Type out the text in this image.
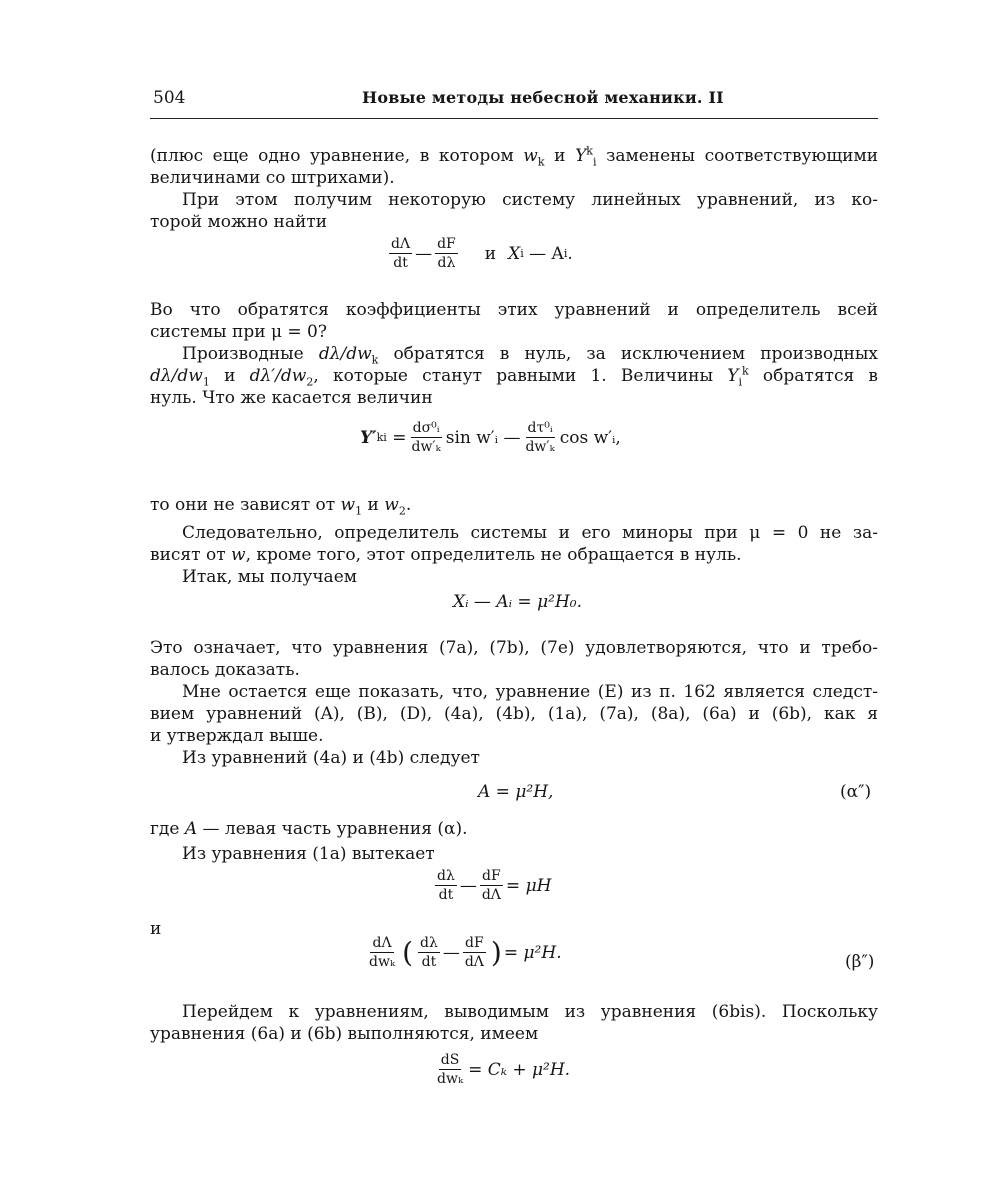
504	Новые методы небесной механики. II
(плюс еще одно уравнение, в котором $w_k$ и $Y^k_i$ заменены соответствующими
величинами со штрихами).
При этом получим некоторую систему линейных уравнений, из ко-
торой можно найти
$\frac{d\Lambda}{dt}$ — $\frac{dF}{d\lambda}$ и X i
— A i .
Во что обратятся коэффициенты этих уравнений и определитель всей
системы при μ = 0?
Производные $d\lambda/dw_k$ обратятся в нуль, за исключением производных
$d\lambda/dw_1$ и $d\lambda'/dw_2$, которые станут равными 1. Величины $Y_i^k$ обратятся в
нуль. Что же касается величин
Y′ k $i = \frac{\text{dσ⁰ᵢ}}{\text{dw′ₖ}}$ sin w′ᵢ — $\frac{\text{dτ⁰ᵢ}}{\text{dw′ₖ}}$ cos w′ᵢ,
то они не зависят от $w_1$ и $w_2$.
Следовательно, определитель системы и его миноры при μ = 0 не за-
висят от w, кроме того, этот определитель не обращается в нуль.
Итак, мы получаем
Xᵢ — Aᵢ = μ²H₀.
Это означает, что уравнения (7a), (7b), (7e) удовлетворяются, что и требо-
валось доказать.
Мне остается еще показать, что, уравнение (E) из п. 162 является следст-
вием уравнений (A), (B), (D), (4a), (4b), (1a), (7a), (8a), (6a) и (6b), как я
и утверждал выше.
Из уравнений (4a) и (4b) следует
A = μ²H,	(α″)
где A — левая часть уравнения (α).
Из уравнения (1a) вытекает
$\frac{d\lambda}{dt}$ — $\frac{dF}{d\Lambda} = \mu H$
и
$\frac{d\Lambda}{\text{dwₖ}}$ ( $\frac{d\lambda}{dt}$ — $\frac{dF}{d\Lambda}$ ) = μ²H.	(β″)
Перейдем к уравнениям, выводимым из уравнения (6bis). Поскольку
уравнения (6a) и (6b) выполняются, имеем
$\frac{dS}{\text{dwₖ}} = C_k + \mu^2H$.
